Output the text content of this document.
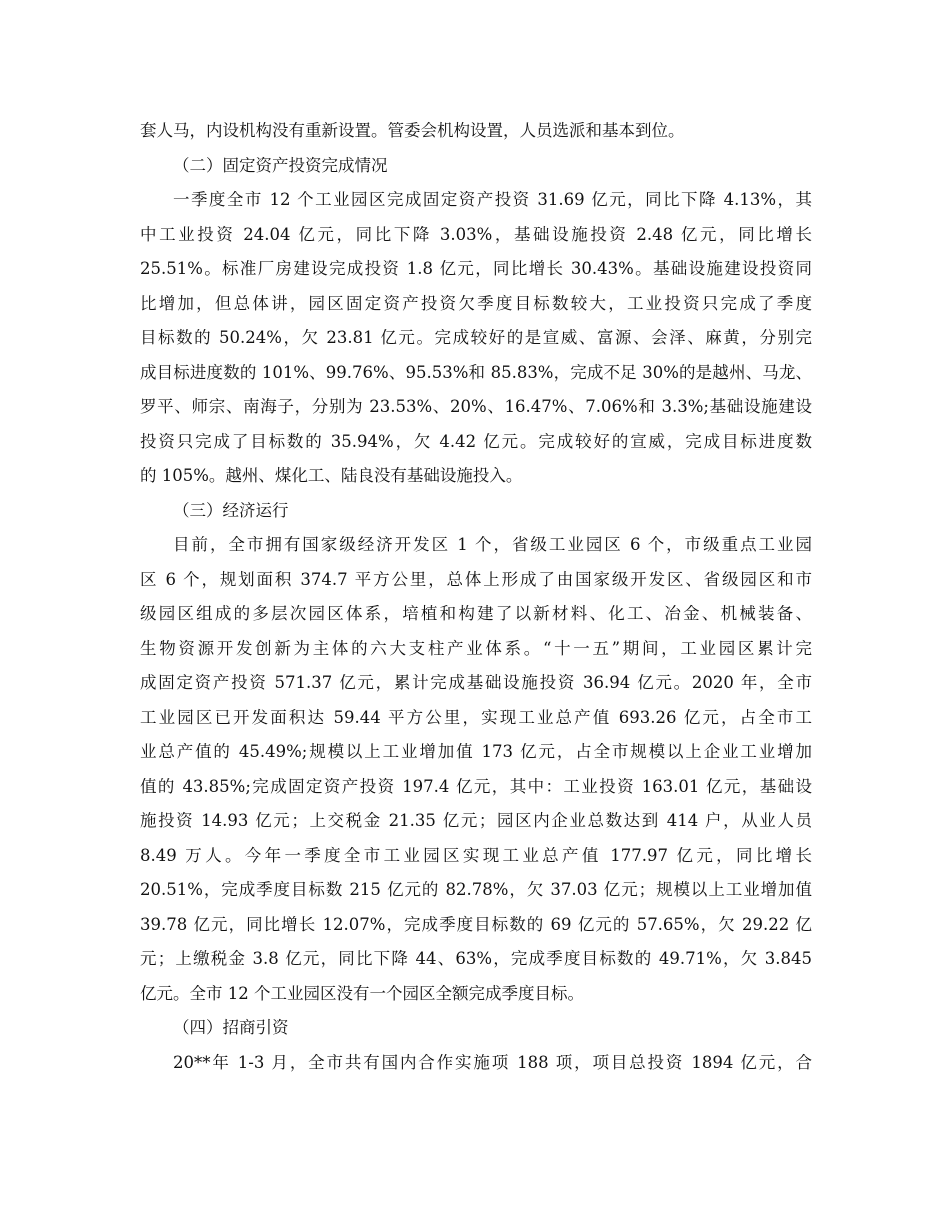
套人马，内设机构没有重新设置。管委会机构设置，人员选派和基本到位。
（二）固定资产投资完成情况
一季度全市 12 个工业园区完成固定资产投资 31.69 亿元，同比下降 4.13%，其
中工业投资 24.04 亿元，同比下降 3.03%，基础设施投资 2.48 亿元，同比增长
25.51%。标准厂房建设完成投资 1.8 亿元，同比增长 30.43%。基础设施建设投资同
比增加，但总体讲，园区固定资产投资欠季度目标数较大，工业投资只完成了季度
目标数的 50.24%，欠 23.81 亿元。完成较好的是宣威、富源、会泽、麻黄，分别完
成目标进度数的 101%、99.76%、95.53%和 85.83%，完成不足 30%的是越州、马龙、
罗平、师宗、南海子，分别为 23.53%、20%、16.47%、7.06%和 3.3%;基础设施建设
投资只完成了目标数的 35.94%，欠 4.42 亿元。完成较好的宣威，完成目标进度数
的 105%。越州、煤化工、陆良没有基础设施投入。
（三）经济运行
目前，全市拥有国家级经济开发区 1 个，省级工业园区 6 个，市级重点工业园
区 6 个，规划面积 374.7 平方公里，总体上形成了由国家级开发区、省级园区和市
级园区组成的多层次园区体系，培植和构建了以新材料、化工、冶金、机械装备、
生物资源开发创新为主体的六大支柱产业体系。“十一五”期间，工业园区累计完
成固定资产投资 571.37 亿元，累计完成基础设施投资 36.94 亿元。2020 年，全市
工业园区已开发面积达 59.44 平方公里，实现工业总产值 693.26 亿元，占全市工
业总产值的 45.49%;规模以上工业增加值 173 亿元，占全市规模以上企业工业增加
值的 43.85%;完成固定资产投资 197.4 亿元，其中：工业投资 163.01 亿元，基础设
施投资 14.93 亿元；上交税金 21.35 亿元；园区内企业总数达到 414 户，从业人员
8.49 万人。今年一季度全市工业园区实现工业总产值 177.97 亿元，同比增长
20.51%，完成季度目标数 215 亿元的 82.78%，欠 37.03 亿元；规模以上工业增加值
39.78 亿元，同比增长 12.07%，完成季度目标数的 69 亿元的 57.65%，欠 29.22 亿
元；上缴税金 3.8 亿元，同比下降 44、63%，完成季度目标数的 49.71%，欠 3.845
亿元。全市 12 个工业园区没有一个园区全额完成季度目标。
（四）招商引资
20**年 1-3 月，全市共有国内合作实施项 188 项，项目总投资 1894 亿元，合
